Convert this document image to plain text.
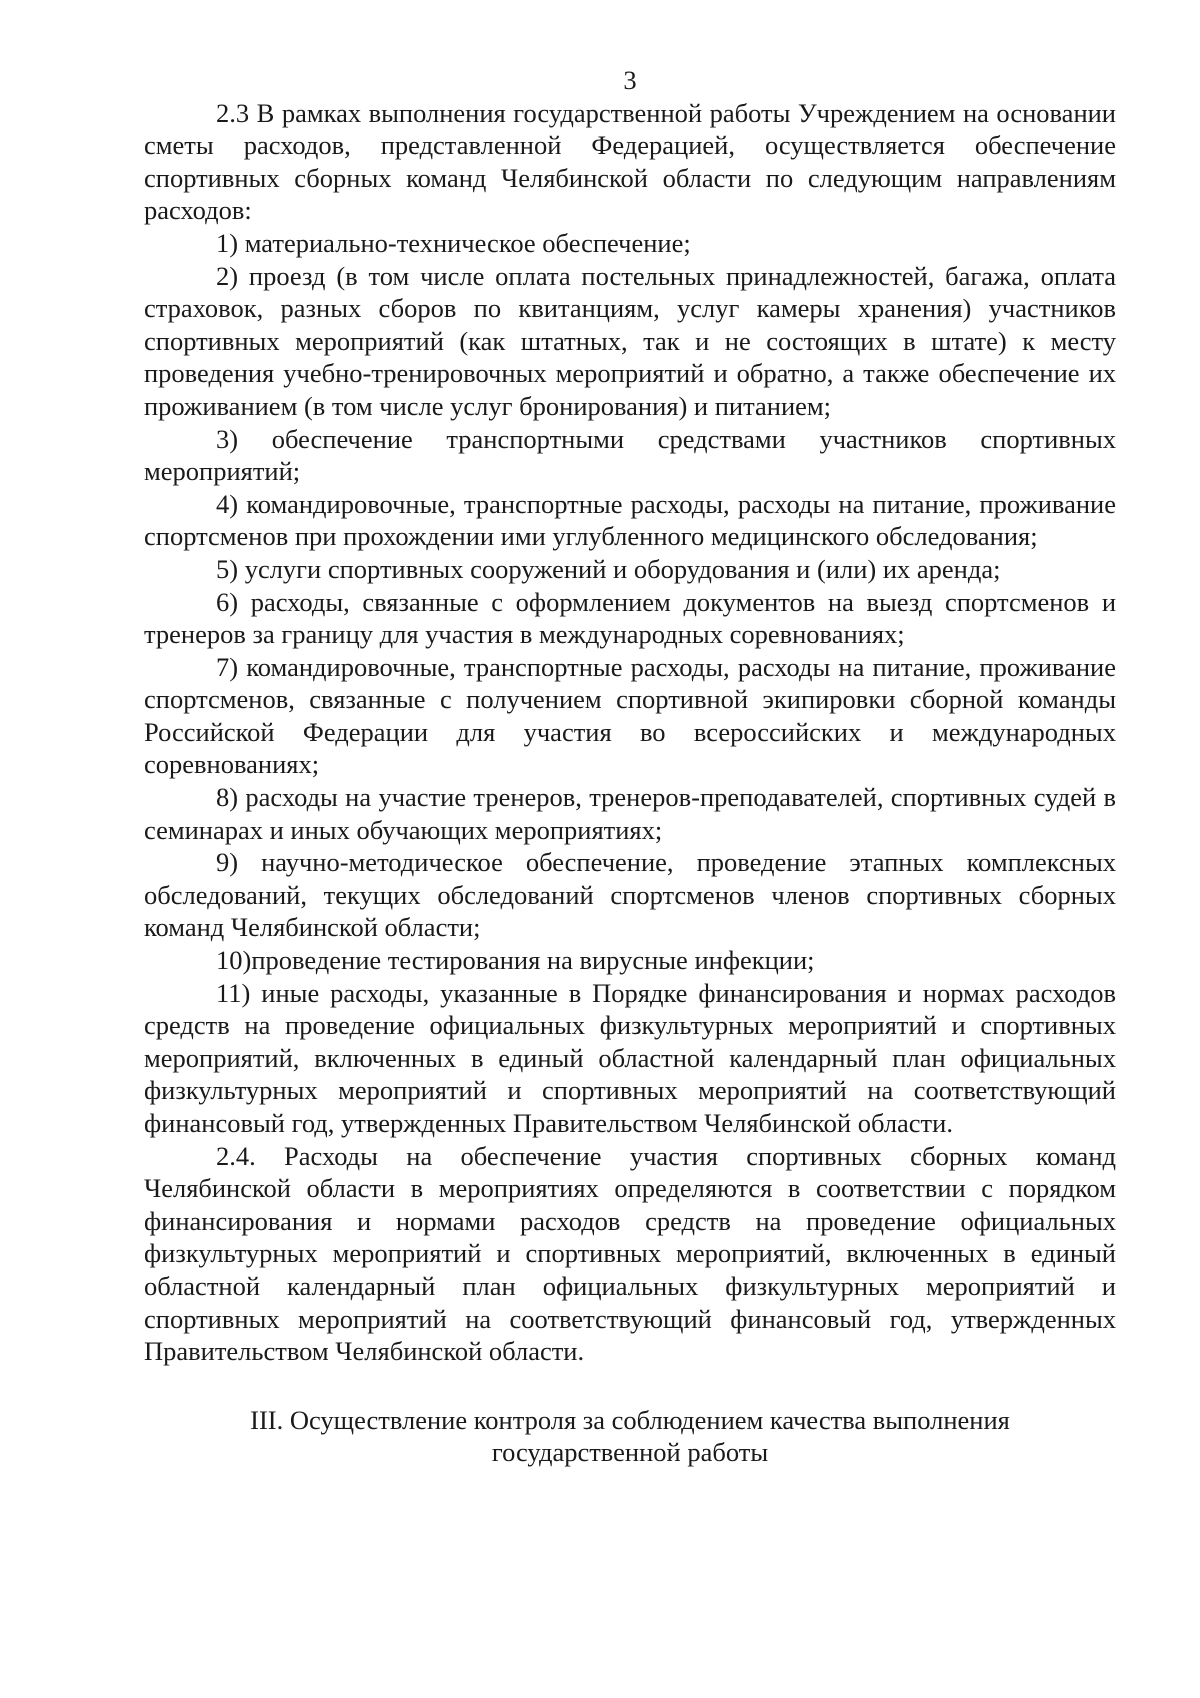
3

2.3 В рамках выполнения государственной работы Учреждением на основании сметы расходов, представленной Федерацией, осуществляется обеспечение спортивных сборных команд Челябинской области по следующим направлениям расходов:

1) материально-техническое обеспечение;

2) проезд (в том числе оплата постельных принадлежностей, багажа, оплата страховок, разных сборов по квитанциям, услуг камеры хранения) участников спортивных мероприятий (как штатных, так и не состоящих в штате) к месту проведения учебно-тренировочных мероприятий и обратно, а также обеспечение их проживанием (в том числе услуг бронирования) и питанием;

3) обеспечение транспортными средствами участников спортивных мероприятий;

4) командировочные, транспортные расходы, расходы на питание, проживание спортсменов при прохождении ими углубленного медицинского обследования;

5) услуги спортивных сооружений и оборудования и (или) их аренда;

6) расходы, связанные с оформлением документов на выезд спортсменов и тренеров за границу для участия в международных соревнованиях;

7) командировочные, транспортные расходы, расходы на питание, проживание спортсменов, связанные с получением спортивной экипировки сборной команды Российской Федерации для участия во всероссийских и международных соревнованиях;

8) расходы на участие тренеров, тренеров-преподавателей, спортивных судей в семинарах и иных обучающих мероприятиях;

9) научно-методическое обеспечение, проведение этапных комплексных обследований, текущих обследований спортсменов членов спортивных сборных команд Челябинской области;

10)проведение тестирования на вирусные инфекции;

11) иные расходы, указанные в Порядке финансирования и нормах расходов средств на проведение официальных физкультурных мероприятий и спортивных мероприятий, включенных в единый областной календарный план официальных физкультурных мероприятий и спортивных мероприятий на соответствующий финансовый год, утвержденных Правительством Челябинской области.

2.4. Расходы на обеспечение участия спортивных сборных команд Челябинской области в мероприятиях определяются в соответствии с порядком финансирования и нормами расходов средств на проведение официальных физкультурных мероприятий и спортивных мероприятий, включенных в единый областной календарный план официальных физкультурных мероприятий и спортивных мероприятий на соответствующий финансовый год, утвержденных Правительством Челябинской области.

III. Осуществление контроля за соблюдением качества выполнения
государственной работы
